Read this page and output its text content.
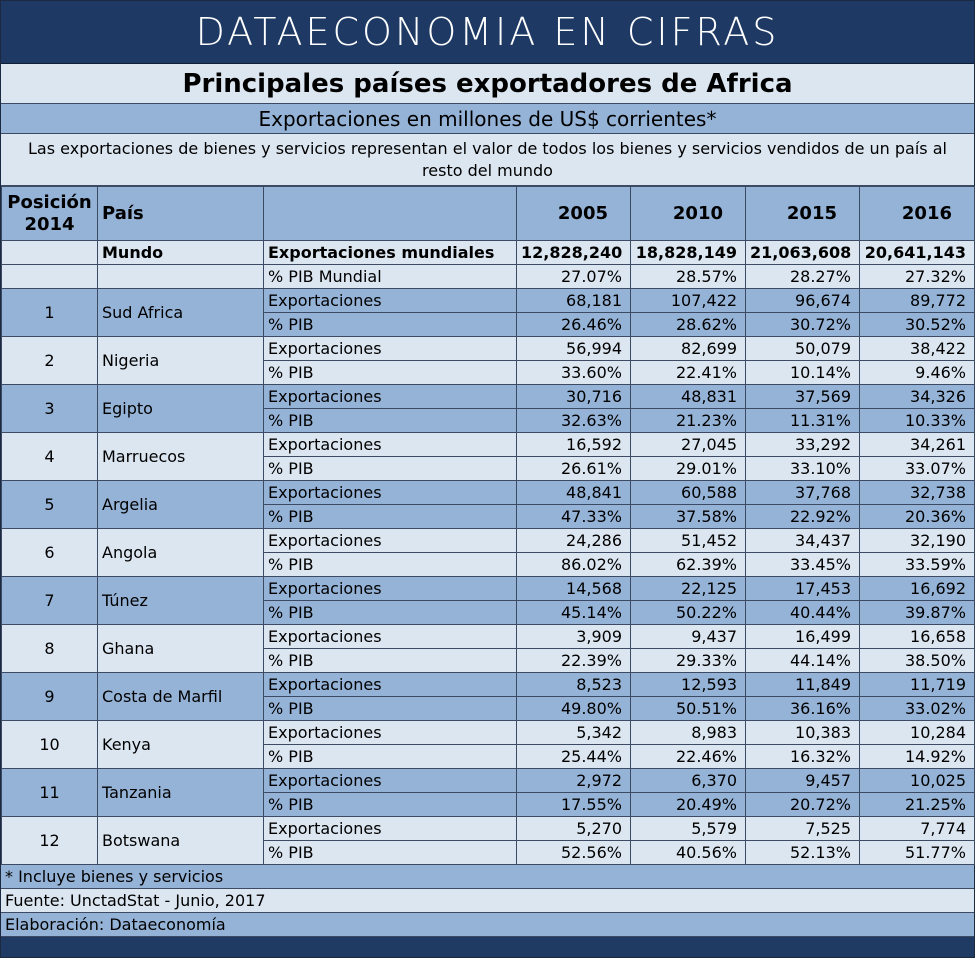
DATAECONOMIA EN CIFRAS
Principales países exportadores de Africa
Exportaciones en millones de US$ corrientes*
Las exportaciones de bienes y servicios representan el valor de todos los bienes y servicios vendidos de un país al resto del mundo
Posición 2014	País		2005	2010	2015	2016
	Mundo	Exportaciones mundiales	12,828,240	18,828,149	21,063,608	20,641,143
		% PIB Mundial	27.07%	28.57%	28.27%	27.32%
1	Sud Africa	Exportaciones	68,181	107,422	96,674	89,772
		% PIB	26.46%	28.62%	30.72%	30.52%
2	Nigeria	Exportaciones	56,994	82,699	50,079	38,422
		% PIB	33.60%	22.41%	10.14%	9.46%
3	Egipto	Exportaciones	30,716	48,831	37,569	34,326
		% PIB	32.63%	21.23%	11.31%	10.33%
4	Marruecos	Exportaciones	16,592	27,045	33,292	34,261
		% PIB	26.61%	29.01%	33.10%	33.07%
5	Argelia	Exportaciones	48,841	60,588	37,768	32,738
		% PIB	47.33%	37.58%	22.92%	20.36%
6	Angola	Exportaciones	24,286	51,452	34,437	32,190
		% PIB	86.02%	62.39%	33.45%	33.59%
7	Túnez	Exportaciones	14,568	22,125	17,453	16,692
		% PIB	45.14%	50.22%	40.44%	39.87%
8	Ghana	Exportaciones	3,909	9,437	16,499	16,658
		% PIB	22.39%	29.33%	44.14%	38.50%
9	Costa de Marfil	Exportaciones	8,523	12,593	11,849	11,719
		% PIB	49.80%	50.51%	36.16%	33.02%
10	Kenya	Exportaciones	5,342	8,983	10,383	10,284
		% PIB	25.44%	22.46%	16.32%	14.92%
11	Tanzania	Exportaciones	2,972	6,370	9,457	10,025
		% PIB	17.55%	20.49%	20.72%	21.25%
12	Botswana	Exportaciones	5,270	5,579	7,525	7,774
		% PIB	52.56%	40.56%	52.13%	51.77%
* Incluye bienes y servicios
Fuente: UnctadStat - Junio, 2017
Elaboración: Dataeconomía
